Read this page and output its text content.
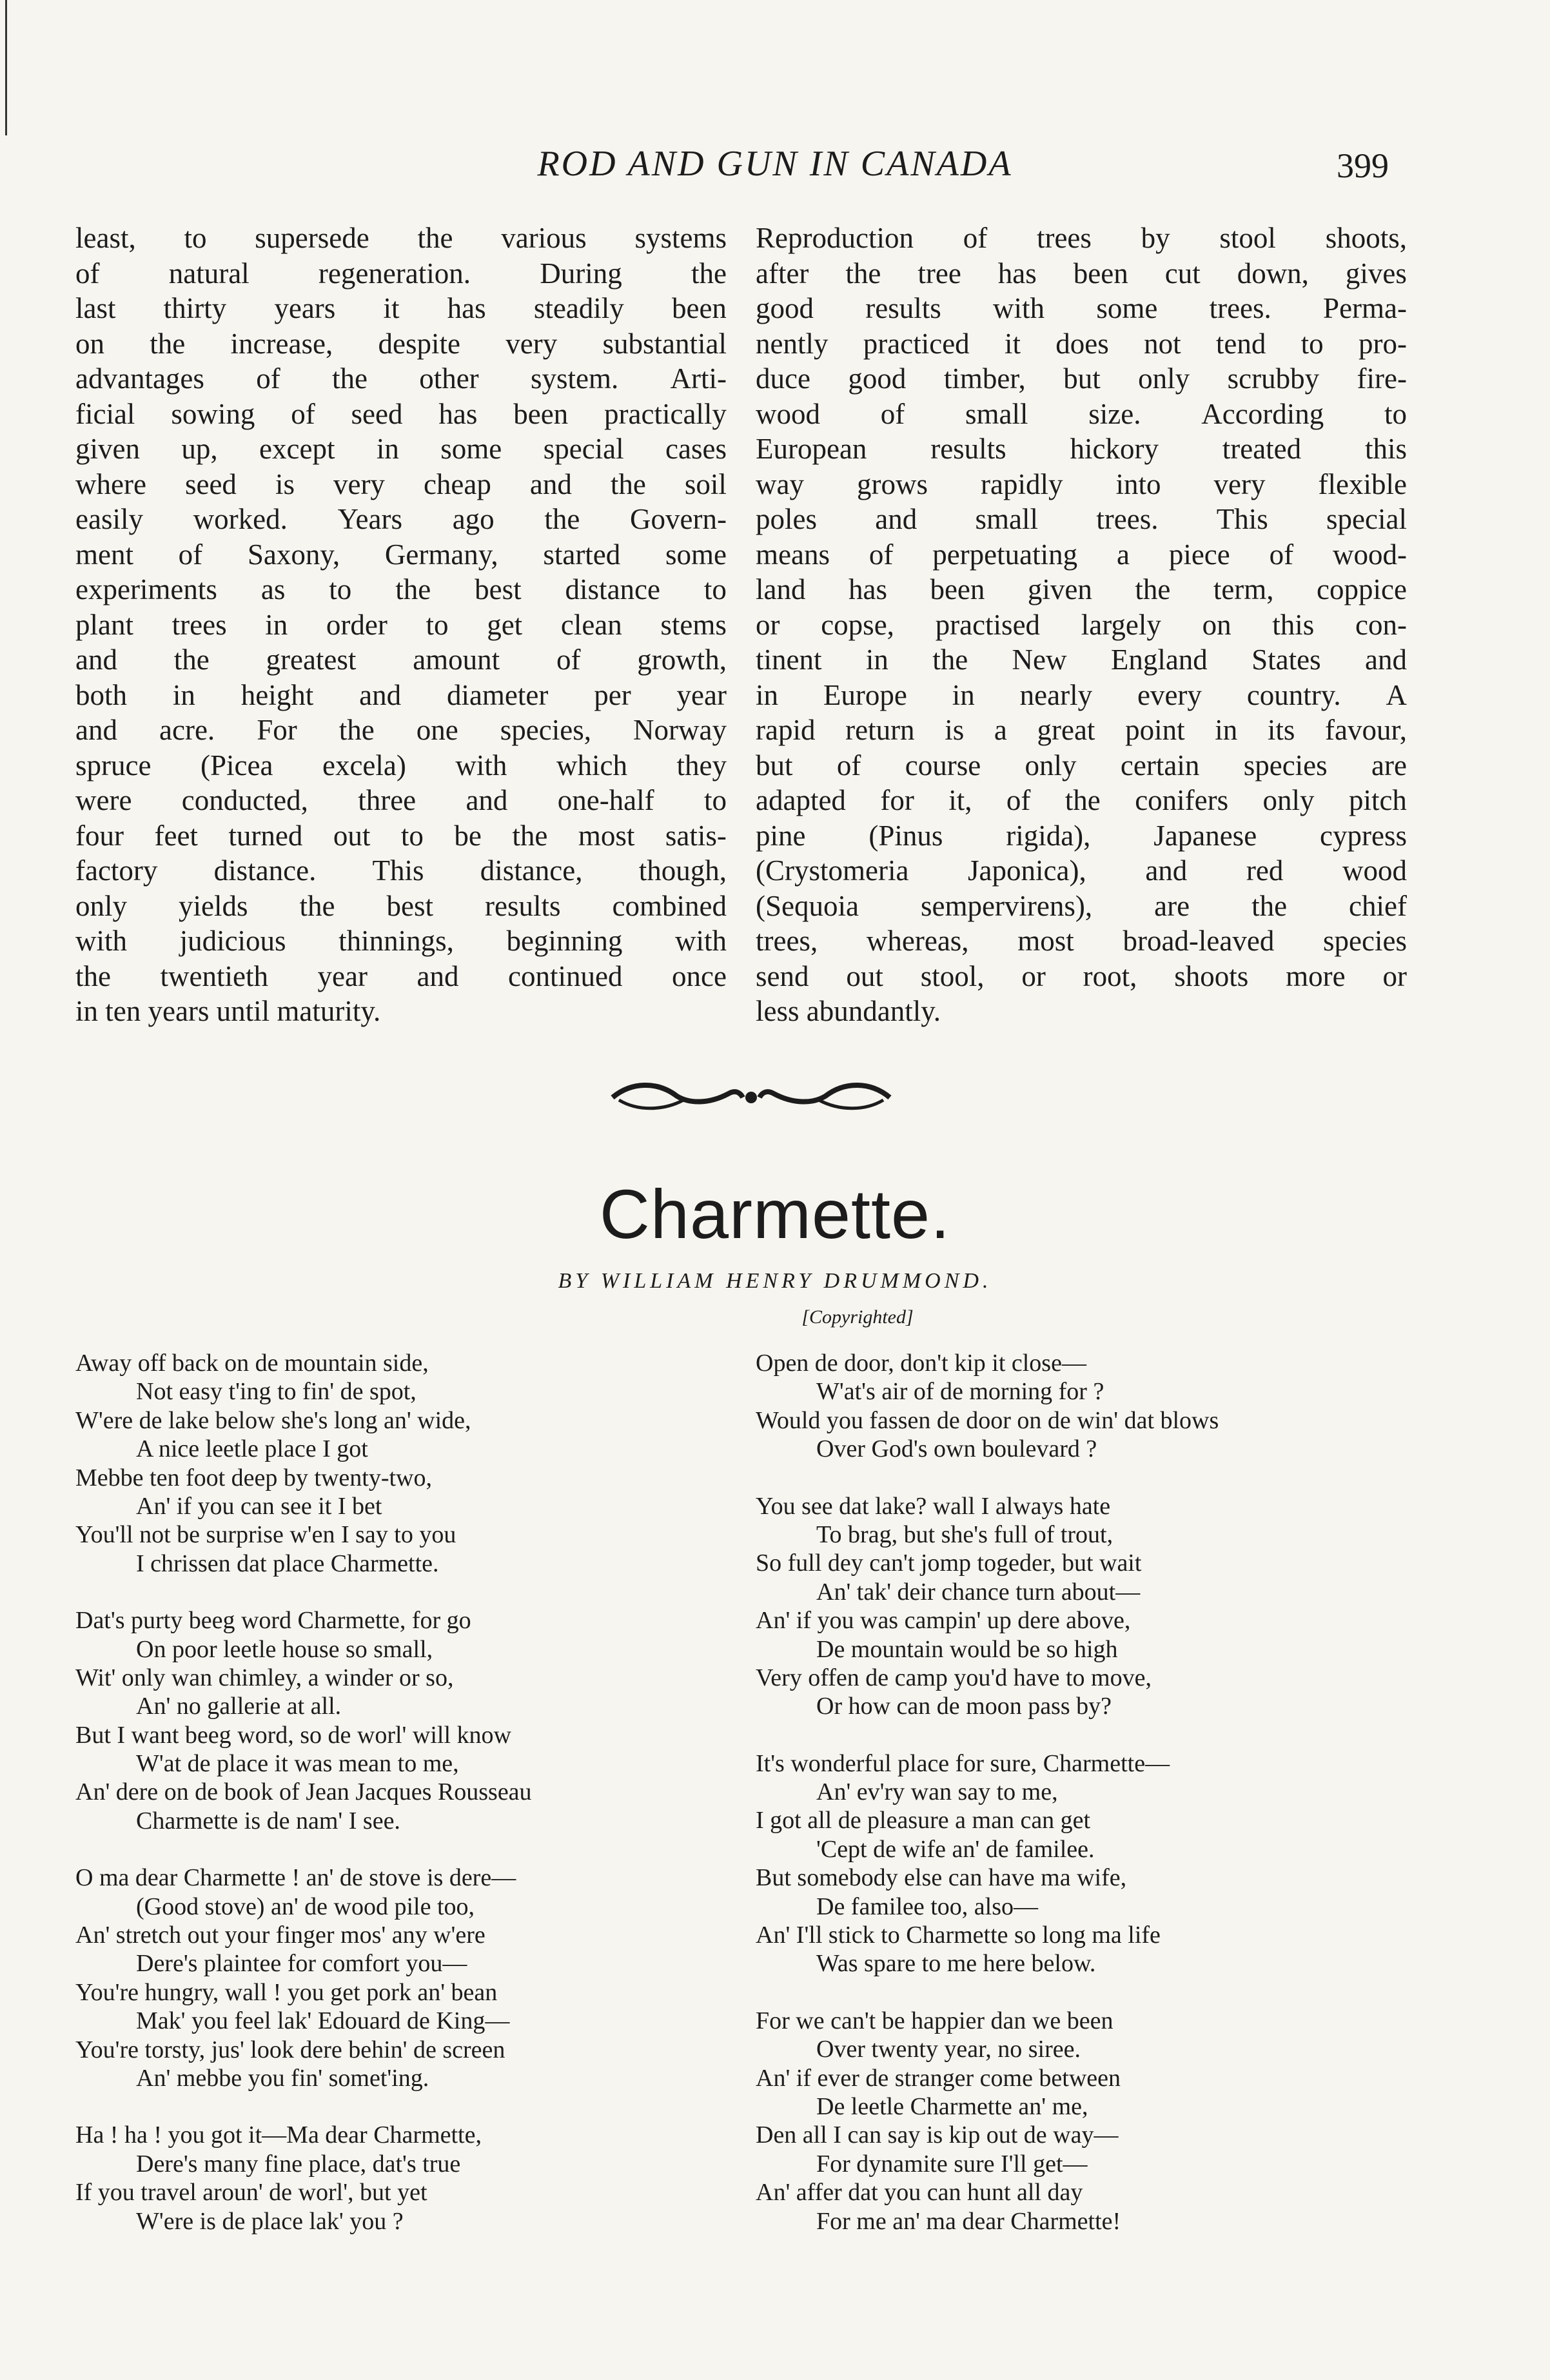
ROD AND GUN IN CANADA	399
least, to supersede the various systems
of natural regeneration. During the
last thirty years it has steadily been
on the increase, despite very substantial
advantages of the other system. Arti-
ficial sowing of seed has been practically
given up, except in some special cases
where seed is very cheap and the soil
easily worked. Years ago the Govern-
ment of Saxony, Germany, started some
experiments as to the best distance to
plant trees in order to get clean stems
and the greatest amount of growth,
both in height and diameter per year
and acre. For the one species, Norway
spruce (Picea excela) with which they
were conducted, three and one-half to
four feet turned out to be the most satis-
factory distance. This distance, though,
only yields the best results combined
with judicious thinnings, beginning with
the twentieth year and continued once
in ten years until maturity.
Reproduction of trees by stool shoots,
after the tree has been cut down, gives
good results with some trees. Perma-
nently practiced it does not tend to pro-
duce good timber, but only scrubby fire-
wood of small size. According to
European results hickory treated this
way grows rapidly into very flexible
poles and small trees. This special
means of perpetuating a piece of wood-
land has been given the term, coppice
or copse, practised largely on this con-
tinent in the New England States and
in Europe in nearly every country. A
rapid return is a great point in its favour,
but of course only certain species are
adapted for it, of the conifers only pitch
pine (Pinus rigida), Japanese cypress
(Crystomeria Japonica), and red wood
(Sequoia sempervirens), are the chief
trees, whereas, most broad-leaved species
send out stool, or root, shoots more or
less abundantly.
Charmette.
BY WILLIAM HENRY DRUMMOND.
[Copyrighted]
Away off back on de mountain side,
Not easy t'ing to fin' de spot,
W'ere de lake below she's long an' wide,
A nice leetle place I got
Mebbe ten foot deep by twenty-two,
An' if you can see it I bet
You'll not be surprise w'en I say to you
I chrissen dat place Charmette.
Dat's purty beeg word Charmette, for go
On poor leetle house so small,
Wit' only wan chimley, a winder or so,
An' no gallerie at all.
But I want beeg word, so de worl' will know
W'at de place it was mean to me,
An' dere on de book of Jean Jacques Rousseau
Charmette is de nam' I see.
O ma dear Charmette ! an' de stove is dere—
(Good stove) an' de wood pile too,
An' stretch out your finger mos' any w'ere
Dere's plaintee for comfort you—
You're hungry, wall ! you get pork an' bean
Mak' you feel lak' Edouard de King—
You're torsty, jus' look dere behin' de screen
An' mebbe you fin' somet'ing.
Ha ! ha ! you got it—Ma dear Charmette,
Dere's many fine place, dat's true
If you travel aroun' de worl', but yet
W'ere is de place lak' you ?
Open de door, don't kip it close—
W'at's air of de morning for ?
Would you fassen de door on de win' dat blows
Over God's own boulevard ?
You see dat lake? wall I always hate
To brag, but she's full of trout,
So full dey can't jomp togeder, but wait
An' tak' deir chance turn about—
An' if you was campin' up dere above,
De mountain would be so high
Very offen de camp you'd have to move,
Or how can de moon pass by?
It's wonderful place for sure, Charmette—
An' ev'ry wan say to me,
I got all de pleasure a man can get
'Cept de wife an' de familee.
But somebody else can have ma wife,
De familee too, also—
An' I'll stick to Charmette so long ma life
Was spare to me here below.
For we can't be happier dan we been
Over twenty year, no siree.
An' if ever de stranger come between
De leetle Charmette an' me,
Den all I can say is kip out de way—
For dynamite sure I'll get—
An' affer dat you can hunt all day
For me an' ma dear Charmette!
